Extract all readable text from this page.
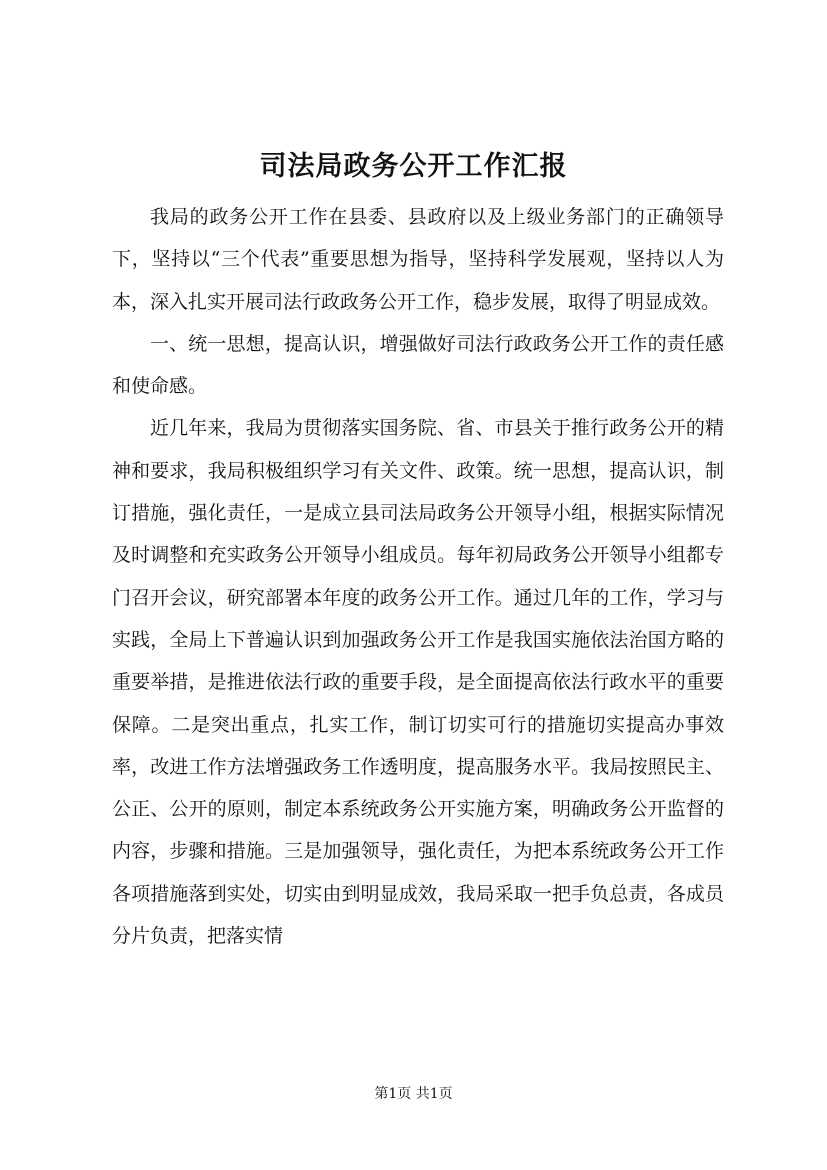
司法局政务公开工作汇报

我局的政务公开工作在县委、县政府以及上级业务部门的正确领导下，坚持以“三个代表”重要思想为指导，坚持科学发展观，坚持以人为本，深入扎实开展司法行政政务公开工作，稳步发展，取得了明显成效。

一、统一思想，提高认识，增强做好司法行政政务公开工作的责任感和使命感。

近几年来，我局为贯彻落实国务院、省、市县关于推行政务公开的精神和要求，我局积极组织学习有关文件、政策。统一思想，提高认识，制订措施，强化责任，一是成立县司法局政务公开领导小组，根据实际情况及时调整和充实政务公开领导小组成员。每年初局政务公开领导小组都专门召开会议，研究部署本年度的政务公开工作。通过几年的工作，学习与实践，全局上下普遍认识到加强政务公开工作是我国实施依法治国方略的重要举措，是推进依法行政的重要手段，是全面提高依法行政水平的重要保障。二是突出重点，扎实工作，制订切实可行的措施切实提高办事效率，改进工作方法增强政务工作透明度，提高服务水平。我局按照民主、公正、公开的原则，制定本系统政务公开实施方案，明确政务公开监督的内容，步骤和措施。三是加强领导，强化责任，为把本系统政务公开工作各项措施落到实处，切实由到明显成效，我局采取一把手负总责，各成员分片负责，把落实情

第1页 共1页
